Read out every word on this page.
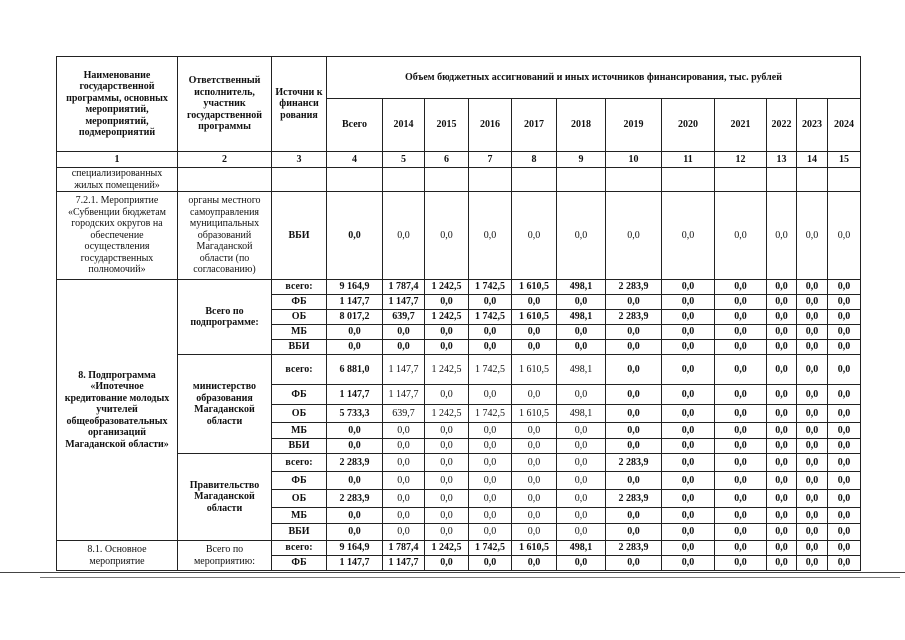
Наименование государственной программы, основных мероприятий, мероприятий, подмероприятий	Ответственный исполнитель, участник государственной программы	Источни к финанси рования	Объем бюджетных ассигнований и иных источников финансирования, тыс. рублей											
			Всего	2014	2015	2016	2017	2018	2019	2020	2021	2022	2023	2024
1	2	3	4	5	6	7	8	9	10	11	12	13	14	15
специализированных жилых помещений»														
7.2.1. Мероприятие «Субвенции бюджетам городских округов на обеспечение осуществления государственных полномочий»	органы местного самоуправления муниципальных образований Магаданской области (по согласованию)	ВБИ	0,0	0,0	0,0	0,0	0,0	0,0	0,0	0,0	0,0	0,0	0,0	0,0
8. Подпрограмма «Ипотечное кредитование молодых учителей общеобразовательных организаций Магаданской области»	Всего по подпрограмме:	всего:	9 164,9	1 787,4	1 242,5	1 742,5	1 610,5	498,1	2 283,9	0,0	0,0	0,0	0,0	0,0
		ФБ	1 147,7	1 147,7	0,0	0,0	0,0	0,0	0,0	0,0	0,0	0,0	0,0	0,0
		ОБ	8 017,2	639,7	1 242,5	1 742,5	1 610,5	498,1	2 283,9	0,0	0,0	0,0	0,0	0,0
		МБ	0,0	0,0	0,0	0,0	0,0	0,0	0,0	0,0	0,0	0,0	0,0	0,0
		ВБИ	0,0	0,0	0,0	0,0	0,0	0,0	0,0	0,0	0,0	0,0	0,0	0,0
	министерство образования Магаданской области	всего:	6 881,0	1 147,7	1 242,5	1 742,5	1 610,5	498,1	0,0	0,0	0,0	0,0	0,0	0,0
		ФБ	1 147,7	1 147,7	0,0	0,0	0,0	0,0	0,0	0,0	0,0	0,0	0,0	0,0
		ОБ	5 733,3	639,7	1 242,5	1 742,5	1 610,5	498,1	0,0	0,0	0,0	0,0	0,0	0,0
		МБ	0,0	0,0	0,0	0,0	0,0	0,0	0,0	0,0	0,0	0,0	0,0	0,0
		ВБИ	0,0	0,0	0,0	0,0	0,0	0,0	0,0	0,0	0,0	0,0	0,0	0,0
	Правительство Магаданской области	всего:	2 283,9	0,0	0,0	0,0	0,0	0,0	2 283,9	0,0	0,0	0,0	0,0	0,0
		ФБ	0,0	0,0	0,0	0,0	0,0	0,0	0,0	0,0	0,0	0,0	0,0	0,0
		ОБ	2 283,9	0,0	0,0	0,0	0,0	0,0	2 283,9	0,0	0,0	0,0	0,0	0,0
		МБ	0,0	0,0	0,0	0,0	0,0	0,0	0,0	0,0	0,0	0,0	0,0	0,0
		ВБИ	0,0	0,0	0,0	0,0	0,0	0,0	0,0	0,0	0,0	0,0	0,0	0,0
8.1. Основное мероприятие	Всего по мероприятию:	всего:	9 164,9	1 787,4	1 242,5	1 742,5	1 610,5	498,1	2 283,9	0,0	0,0	0,0	0,0	0,0
		ФБ	1 147,7	1 147,7	0,0	0,0	0,0	0,0	0,0	0,0	0,0	0,0	0,0	0,0
